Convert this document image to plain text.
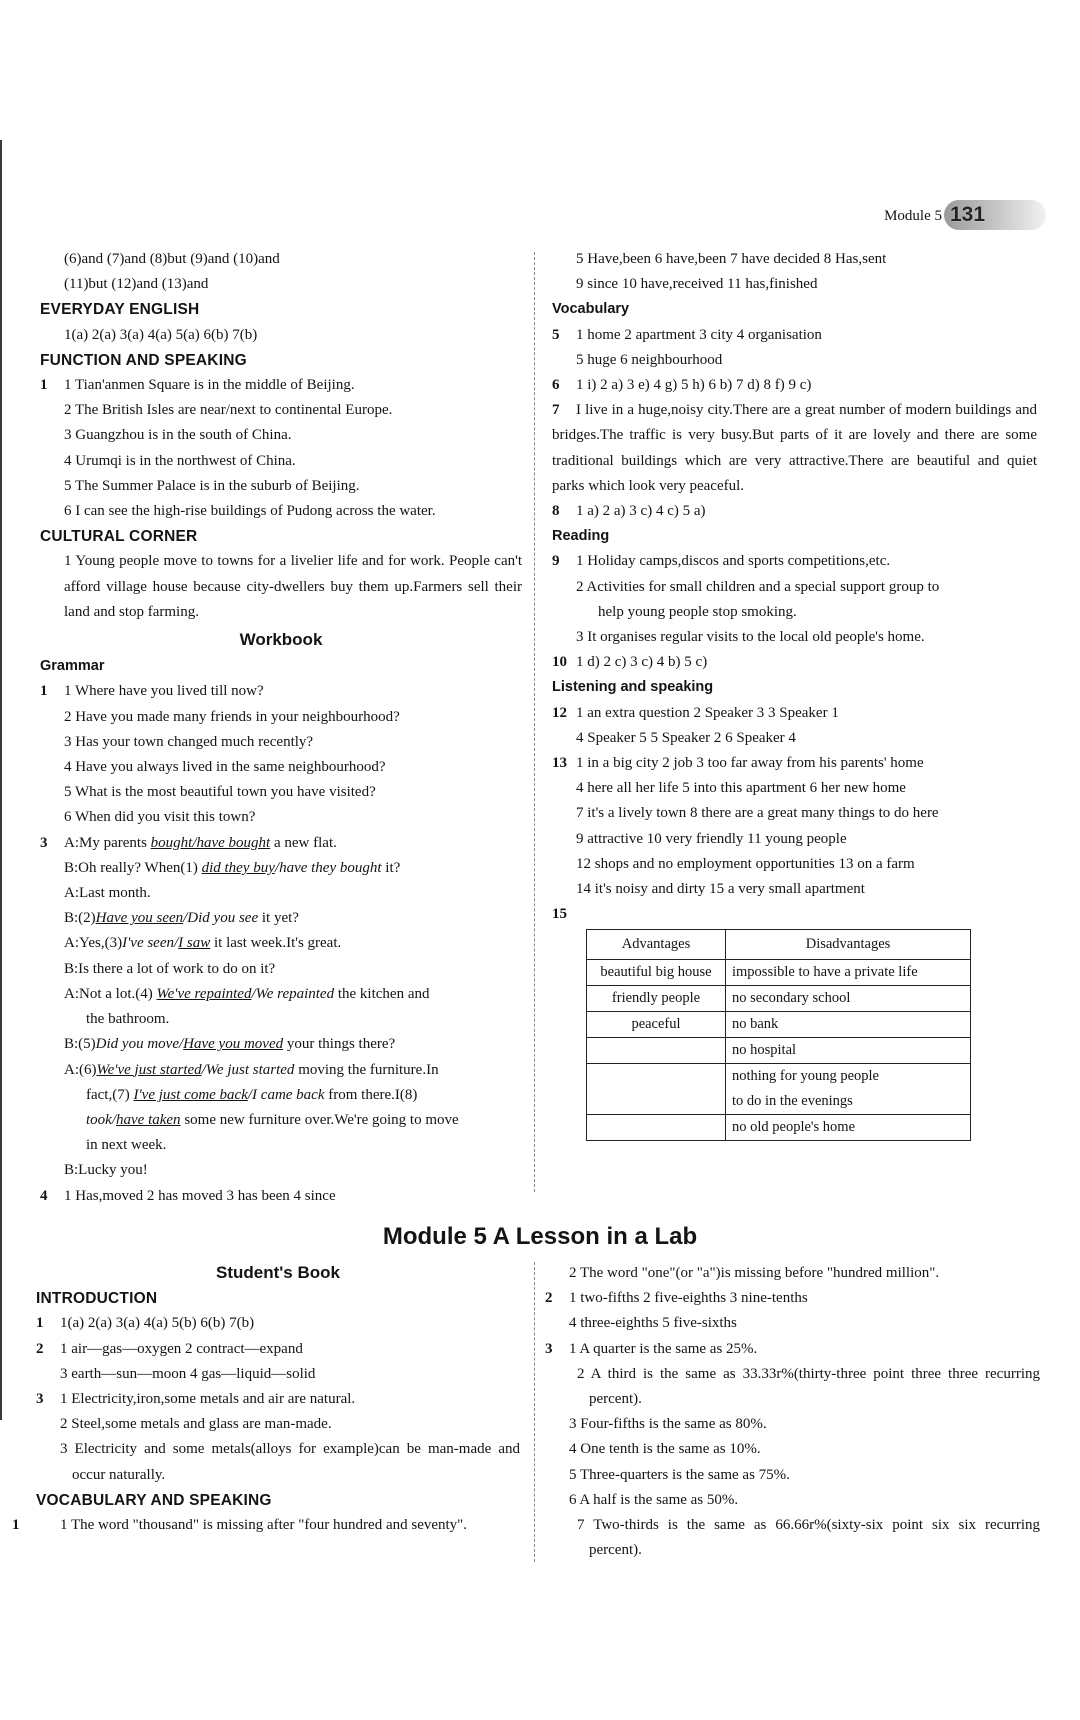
Module 5 131
(6)and (7)and (8)but (9)and (10)and
(11)but (12)and (13)and
EVERYDAY ENGLISH
1(a) 2(a) 3(a) 4(a) 5(a) 6(b) 7(b)
FUNCTION AND SPEAKING
1 1 Tian'anmen Square is in the middle of Beijing.
2 The British Isles are near/next to continental Europe.
3 Guangzhou is in the south of China.
4 Urumqi is in the northwest of China.
5 The Summer Palace is in the suburb of Beijing.
6 I can see the high-rise buildings of Pudong across the water.
CULTURAL CORNER
1 Young people move to towns for a livelier life and for work. People can't afford village house because city-dwellers buy them up.Farmers sell their land and stop farming.
Workbook
Grammar
1 1 Where have you lived till now?
2 Have you made many friends in your neighbourhood?
3 Has your town changed much recently?
4 Have you always lived in the same neighbourhood?
5 What is the most beautiful town you have visited?
6 When did you visit this town?
3 A:My parents bought/have bought a new flat.
B:Oh really? When(1) did they buy/have they bought it?
A:Last month.
B:(2)Have you seen/Did you see it yet?
A:Yes,(3)I've seen/I saw it last week.It's great.
B:Is there a lot of work to do on it?
A:Not a lot.(4) We've repainted/We repainted the kitchen and
the bathroom.
B:(5)Did you move/Have you moved your things there?
A:(6)We've just started/We just started moving the furniture.In
fact,(7) I've just come back/I came back from there.I(8)
took/have taken some new furniture over.We're going to move
in next week.
B:Lucky you!
4 1 Has,moved 2 has moved 3 has been 4 since
5 Have,been 6 have,been 7 have decided 8 Has,sent
9 since 10 have,received 11 has,finished
Vocabulary
5 1 home 2 apartment 3 city 4 organisation
5 huge 6 neighbourhood
6 1 i) 2 a) 3 e) 4 g) 5 h) 6 b) 7 d) 8 f) 9 c)
7 I live in a huge,noisy city.There are a great number of modern buildings and bridges.The traffic is very busy.But parts of it are lovely and there are some traditional buildings which are very attractive.There are beautiful and quiet parks which look very peaceful.
8 1 a) 2 a) 3 c) 4 c) 5 a)
Reading
9 1 Holiday camps,discos and sports competitions,etc.
2 Activities for small children and a special support group to
help young people stop smoking.
3 It organises regular visits to the local old people's home.
10 1 d) 2 c) 3 c) 4 b) 5 c)
Listening and speaking
12 1 an extra question 2 Speaker 3 3 Speaker 1
4 Speaker 5 5 Speaker 2 6 Speaker 4
13 1 in a big city 2 job 3 too far away from his parents' home
4 here all her life 5 into this apartment 6 her new home
7 it's a lively town 8 there are a great many things to do here
9 attractive 10 very friendly 11 young people
12 shops and no employment opportunities 13 on a farm
14 it's noisy and dirty 15 a very small apartment
15
Advantages	Disadvantages
beautiful big house	impossible to have a private life
friendly people	no secondary school
peaceful	no bank
	no hospital
	nothing for young people
	to do in the evenings
	no old people's home
Module 5 A Lesson in a Lab
Student's Book
INTRODUCTION
1 1(a) 2(a) 3(a) 4(a) 5(b) 6(b) 7(b)
2 1 air—gas—oxygen 2 contract—expand
3 earth—sun—moon 4 gas—liquid—solid
3 1 Electricity,iron,some metals and air are natural.
2 Steel,some metals and glass are man-made.
3 Electricity and some metals(alloys for example)can be man-made and occur naturally.
VOCABULARY AND SPEAKING
1	1 The word "thousand" is missing after "four hundred and seventy".
2 The word "one"(or "a")is missing before "hundred million".
2 1 two-fifths 2 five-eighths 3 nine-tenths
4 three-eighths 5 five-sixths
3 1 A quarter is the same as 25%.
2 A third is the same as 33.33r%(thirty-three point three three recurring percent).
3 Four-fifths is the same as 80%.
4 One tenth is the same as 10%.
5 Three-quarters is the same as 75%.
6 A half is the same as 50%.
7 Two-thirds is the same as 66.66r%(sixty-six point six six recurring percent).
